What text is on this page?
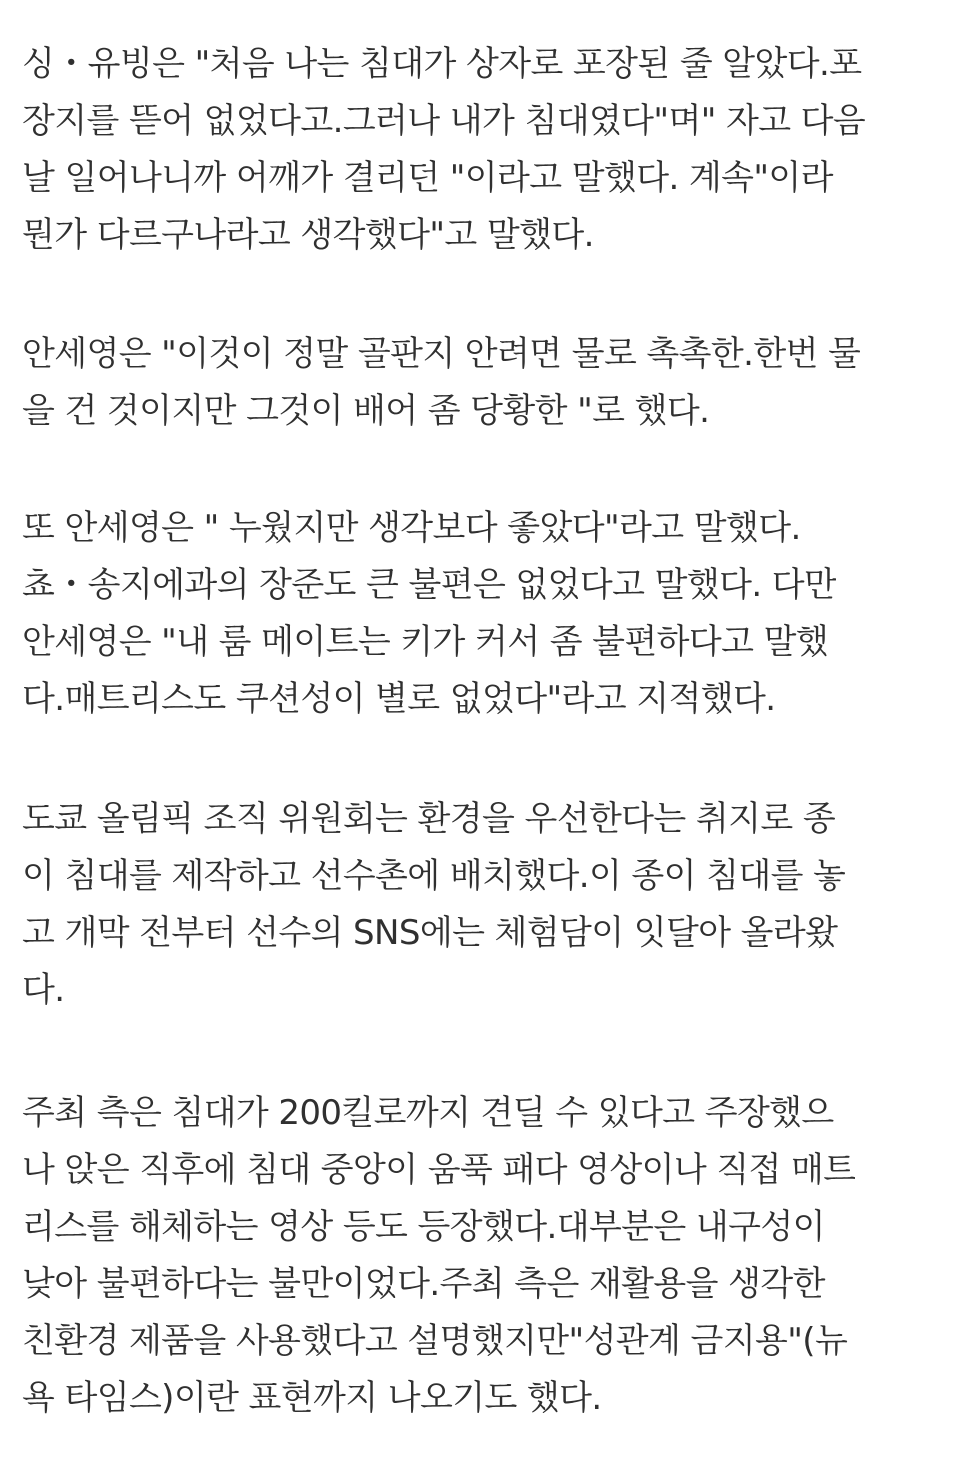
싱・유빙은 "처음 나는 침대가 상자로 포장된 줄 알았다.포
장지를 뜯어 없었다고.그러나 내가 침대였다"며" 자고 다음
날 일어나니까 어깨가 결리던 "이라고 말했다. 계속"이라
뭔가 다르구나라고 생각했다"고 말했다.
안세영은 "이것이 정말 골판지 안려면 물로 촉촉한.한번 물
을 건 것이지만 그것이 배어 좀 당황한 "로 했다.
또 안세영은 " 누웠지만 생각보다 좋았다"라고 말했다.
쵸・송지에과의 장준도 큰 불편은 없었다고 말했다. 다만
안세영은 "내 룸 메이트는 키가 커서 좀 불편하다고 말했
다.매트리스도 쿠션성이 별로 없었다"라고 지적했다.
도쿄 올림픽 조직 위원회는 환경을 우선한다는 취지로 종
이 침대를 제작하고 선수촌에 배치했다.이 종이 침대를 놓
고 개막 전부터 선수의 SNS에는 체험담이 잇달아 올라왔
다.
주최 측은 침대가 200킬로까지 견딜 수 있다고 주장했으
나 앉은 직후에 침대 중앙이 움푹 패다 영상이나 직접 매트
리스를 해체하는 영상 등도 등장했다.대부분은 내구성이
낮아 불편하다는 불만이었다.주최 측은 재활용을 생각한
친환경 제품을 사용했다고 설명했지만"성관계 금지용"(뉴
욕 타임스)이란 표현까지 나오기도 했다.
